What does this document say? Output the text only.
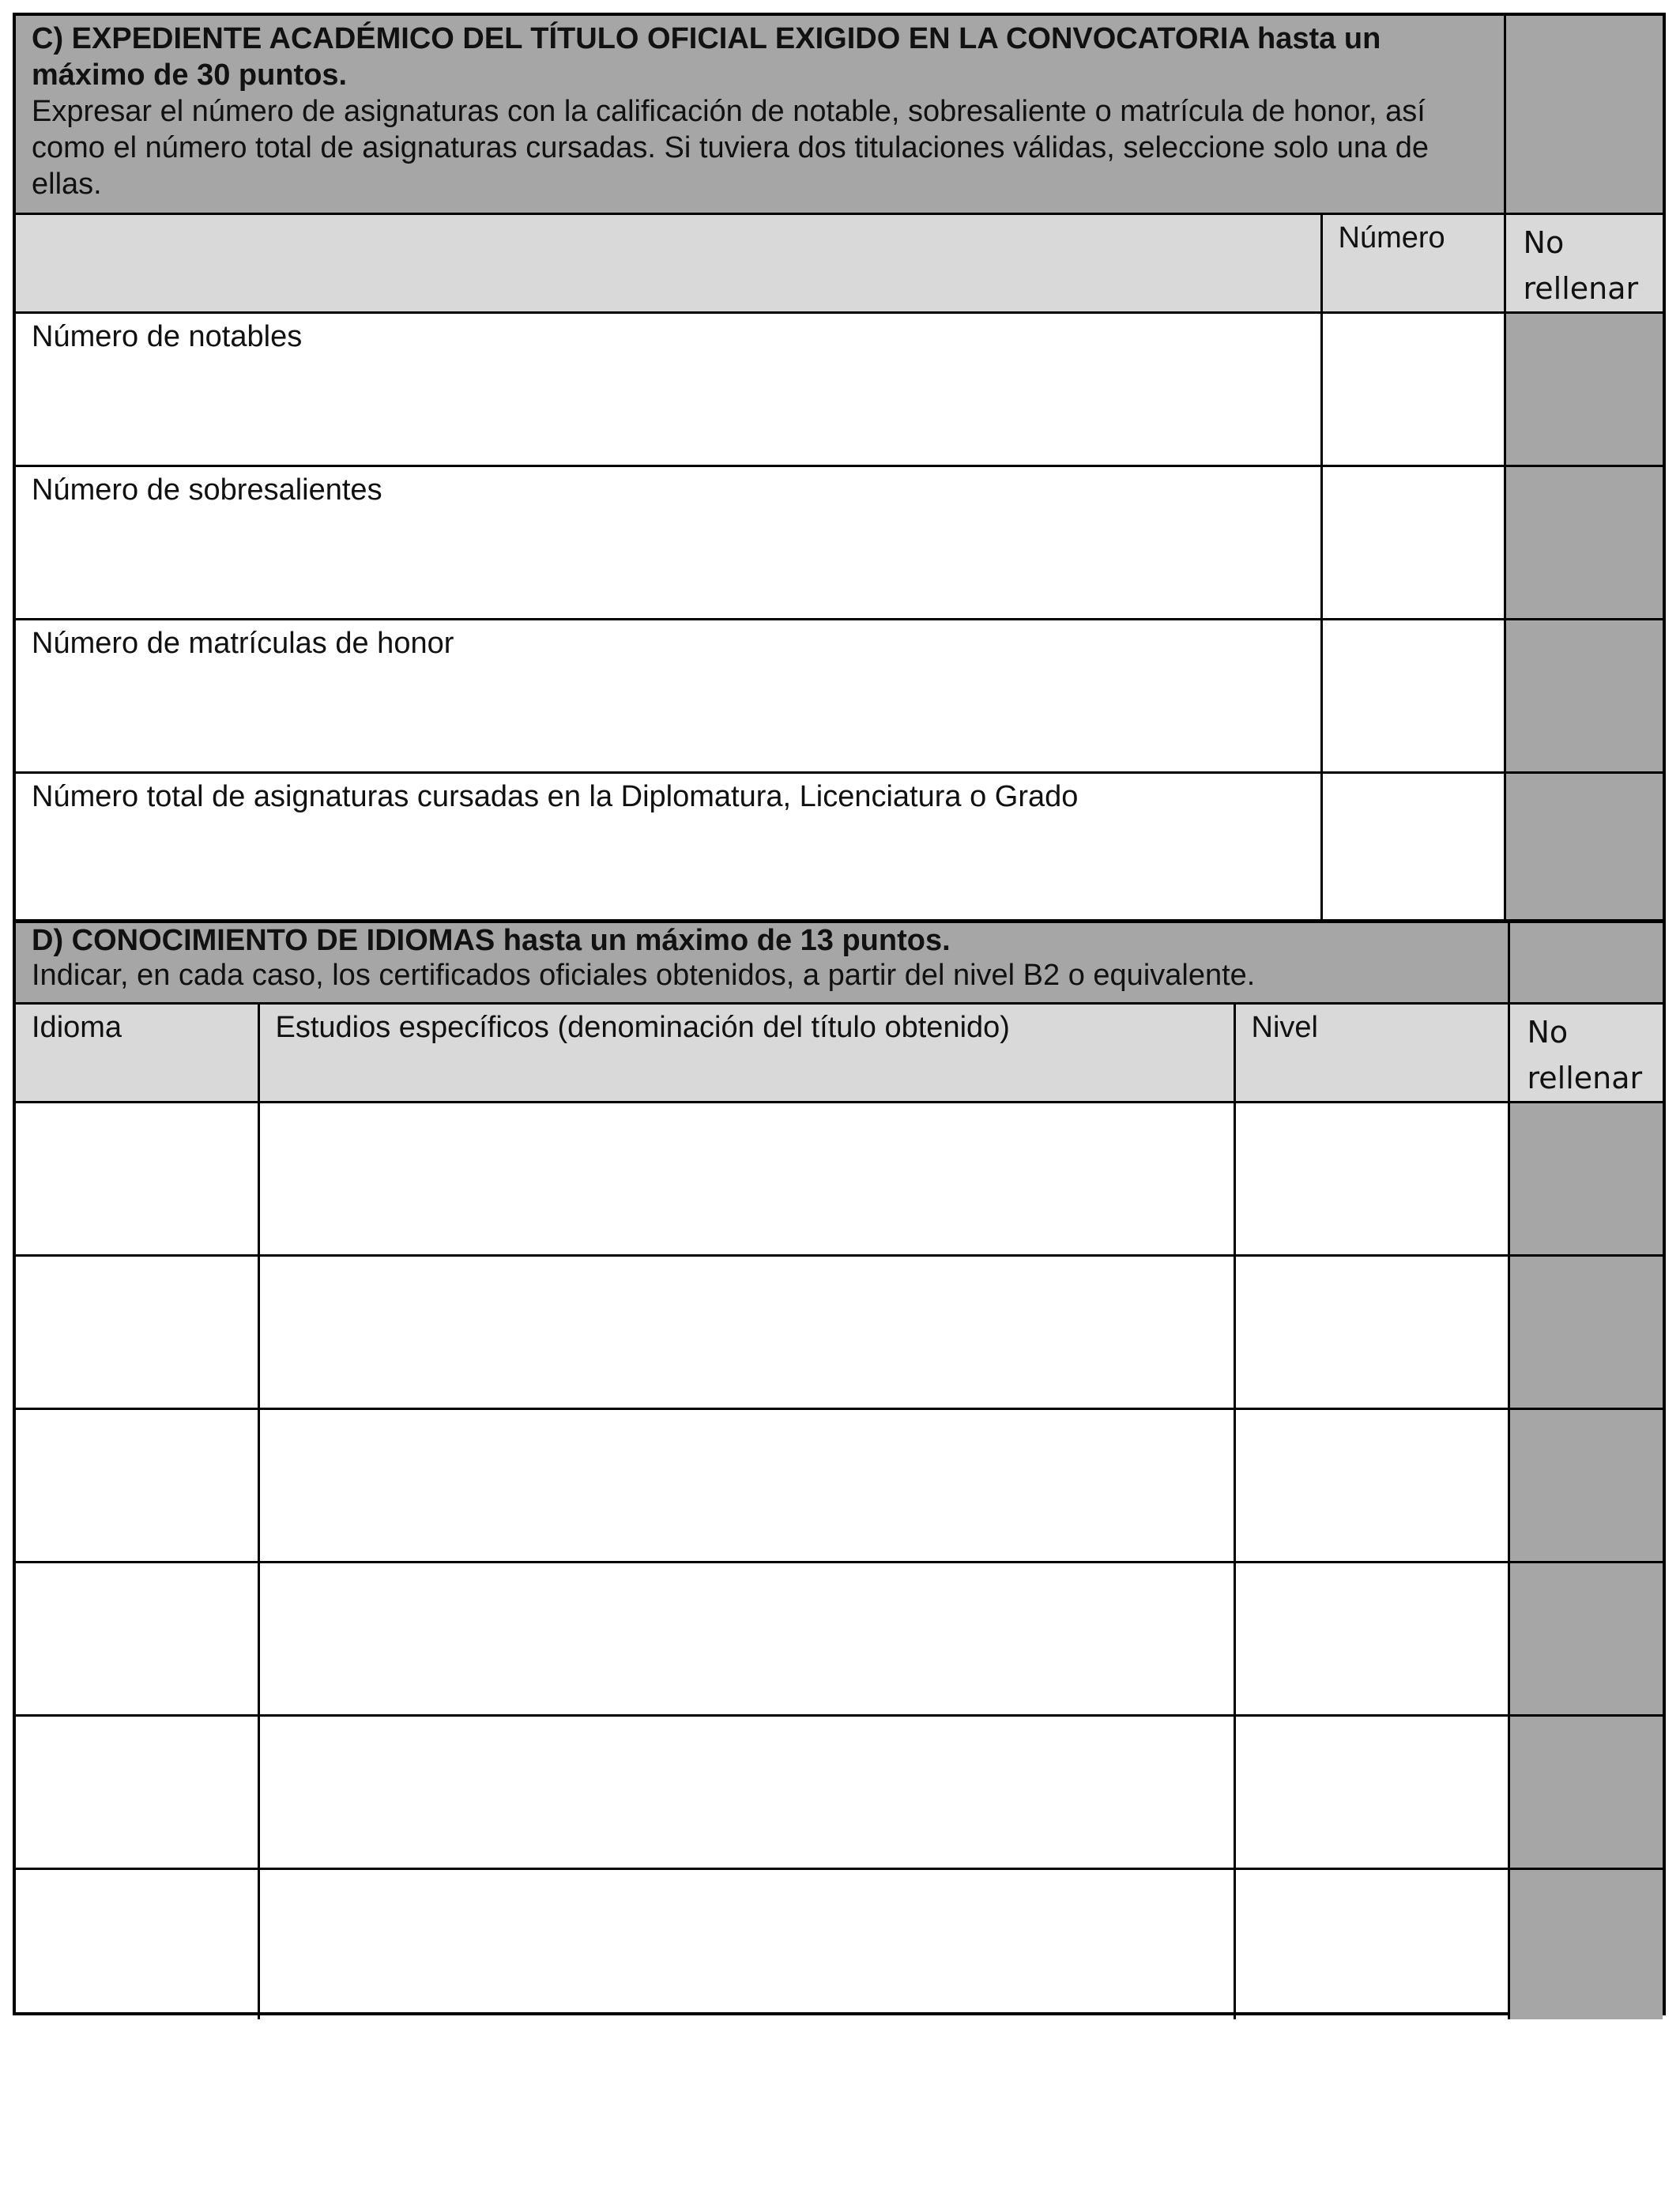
C) EXPEDIENTE ACADÉMICO DEL TÍTULO OFICIAL EXIGIDO EN LA CONVOCATORIA hasta un máximo de 30 puntos.
Expresar el número de asignaturas con la calificación de notable, sobresaliente o matrícula de honor, así como el número total de asignaturas cursadas. Si tuviera dos titulaciones válidas, seleccione solo una de ellas.		

	Número	No rellenar
Número de notables		
Número de sobresalientes		
Número de matrículas de honor		
Número total de asignaturas cursadas en la Diplomatura, Licenciatura o Grado		
D) CONOCIMIENTO DE IDIOMAS hasta un máximo de 13 puntos.
Indicar, en cada caso, los certificados oficiales obtenidos, a partir del nivel B2 o equivalente.			

Idioma	Estudios específicos (denominación del título obtenido)	Nivel	No rellenar
